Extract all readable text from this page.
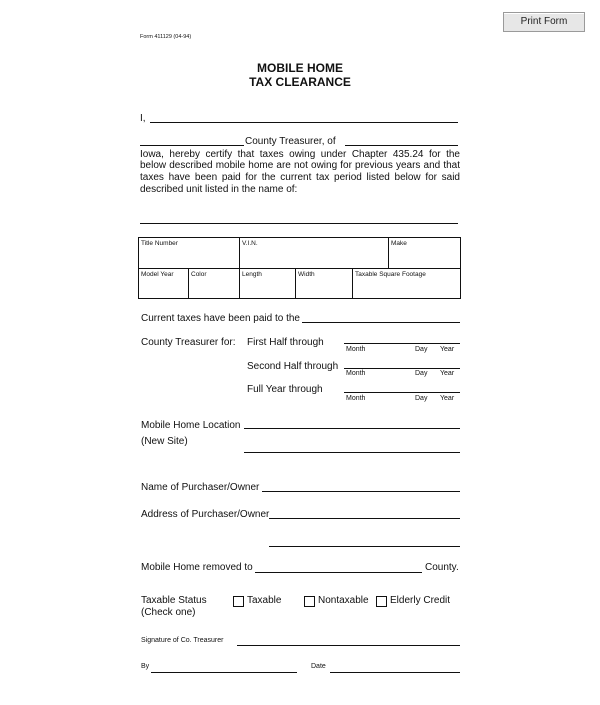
Print Form
Form 411129 (04-94)
MOBILE HOME
TAX CLEARANCE
I,
County Treasurer, of
Iowa, hereby certify that taxes owing under Chapter 435.24 for the
below described mobile home are not owing for previous years and that
taxes have been paid for the current tax period listed below for said
described unit listed in the name of:
Title Number		V.I.N.			Make
Model Year	Color	Length	Width	Taxable Square Footage	
Current taxes have been paid to the
County Treasurer for: First Half through
Month	Day Year
Second Half through
Month	Day Year
Full Year through
Month	Day Year
Mobile Home Location
(New Site)
Name of Purchaser/Owner
Address of Purchaser/Owner
Mobile Home removed to	County.
Taxable Status
(Check one)
Taxable	Nontaxable Elderly Credit
Signature of Co. Treasurer
By	Date
